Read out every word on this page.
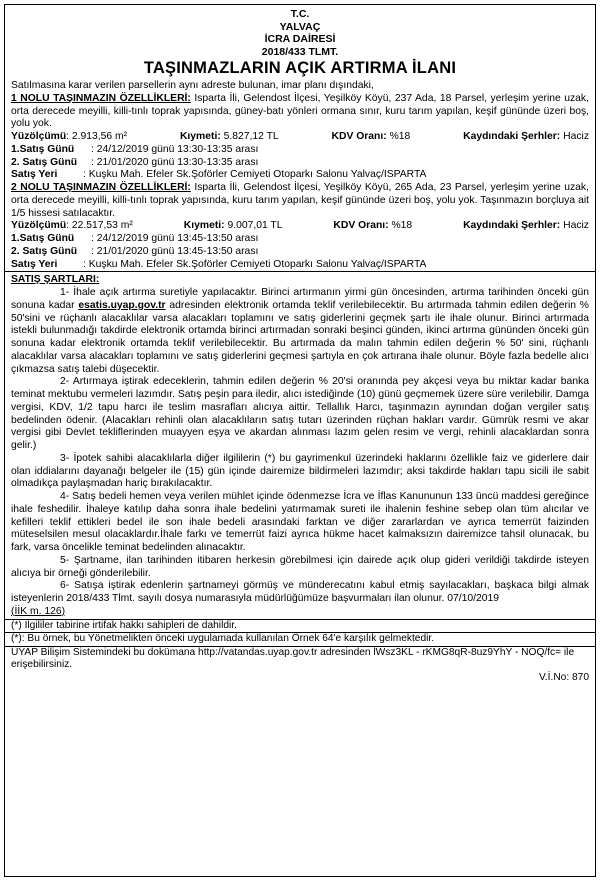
T.C.
YALVAÇ
İCRA DAİRESİ
2018/433 TLMT.
TAŞINMAZLARIN AÇIK ARTIRMA İLANI
Satılmasına karar verilen parsellerin aynı adreste bulunan, imar planı dışındaki,
1 NOLU TAŞINMAZIN ÖZELLİKLERİ: Isparta İli, Gelendost İlçesi, Yeşilköy Köyü, 237 Ada, 18 Parsel, yerleşim yerine uzak, orta derecede meyilli, killi-tınlı toprak yapısında, güney-batı yönleri ormana sınır, kuru tarım yapılan, keşif gününde üzeri boş, yolu yok.
Yüzölçümü: 2.913,56 m²	Kıymeti: 5.827,12 TL	KDV Oranı: %18	Kaydındaki Şerhler: Haciz
1.Satış Günü : 24/12/2019 günü 13:30-13:35 arası
2. Satış Günü : 21/01/2020 günü 13:30-13:35 arası
Satış Yeri : Kuşku Mah. Efeler Sk.Şoförler Cemiyeti Otoparkı Salonu Yalvaç/ISPARTA
2 NOLU TAŞINMAZIN ÖZELLİKLERİ: Isparta İli, Gelendost İlçesi, Yeşilköy Köyü, 265 Ada, 23 Parsel, yerleşim yerine uzak, orta derecede meyilli, killi-tınlı toprak yapısında, kuru tarım yapılan, keşif gününde üzeri boş, yolu yok. Taşınmazın borçluya ait 1/5 hissesi satılacaktır.
Yüzölçümü: 22.517,53 m²	Kıymeti: 9.007,01 TL	KDV Oranı: %18	Kaydındaki Şerhler: Haciz
1.Satış Günü : 24/12/2019 günü 13:45-13:50 arası
2. Satış Günü : 21/01/2020 günü 13:45-13:50 arası
Satış Yeri : Kuşku Mah. Efeler Sk.Şoförler Cemiyeti Otoparkı Salonu Yalvaç/ISPARTA
SATIŞ ŞARTLARI:
1- İhale açık artırma suretiyle yapılacaktır. Birinci artırmanın yirmi gün öncesinden, artırma tarihinden önceki gün sonuna kadar esatis.uyap.gov.tr adresinden elektronik ortamda teklif verilebilecektir. Bu artırmada tahmin edilen değerin % 50'sini ve rüçhanlı alacaklılar varsa alacakları toplamını ve satış giderlerini geçmek şartı ile ihale olunur. Birinci artırmada istekli bulunmadığı takdirde elektronik ortamda birinci artırmadan sonraki beşinci günden, ikinci artırma gününden önceki gün sonuna kadar elektronik ortamda teklif verilebilecektir. Bu artırmada da malın tahmin edilen değerin % 50' sini, rüçhanlı alacaklılar varsa alacakları toplamını ve satış giderlerini geçmesi şartıyla en çok artırana ihale olunur. Böyle fazla bedelle alıcı çıkmazsa satış talebi düşecektir.
2- Artırmaya iştirak edeceklerin, tahmin edilen değerin % 20'si oranında pey akçesi veya bu miktar kadar banka teminat mektubu vermeleri lazımdır. Satış peşin para iledir, alıcı istediğinde (10) günü geçmemek üzere süre verilebilir. Damga vergisi, KDV, 1/2 tapu harcı ile teslim masrafları alıcıya aittir. Tellallık Harcı, taşınmazın aynından doğan vergiler satış bedelinden ödenir. (Alacakları rehinli olan alacaklıların satış tutarı üzerinden rüçhan hakları vardır. Gümrük resmi ve akar vergisi gibi Devlet tekliflerinden muayyen eşya ve akardan alınması lazım gelen resim ve vergi, rehinli alacaklardan sonra gelir.)
3- İpotek sahibi alacaklılarla diğer ilgililerin (*) bu gayrimenkul üzerindeki haklarını özellikle faiz ve giderlere dair olan iddialarını dayanağı belgeler ile (15) gün içinde dairemize bildirmeleri lazımdır; aksi takdirde hakları tapu sicili ile sabit olmadıkça paylaşmadan hariç bırakılacaktır.
4- Satış bedeli hemen veya verilen mühlet içinde ödenmezse İcra ve İflas Kanununun 133 üncü maddesi gereğince ihale feshedilir. İhaleye katılıp daha sonra ihale bedelini yatırmamak sureti ile ihalenin feshine sebep olan tüm alıcılar ve kefilleri teklif ettikleri bedel ile son ihale bedeli arasındaki farktan ve diğer zararlardan ve ayrıca temerrüt faizinden müteselsilen mesul olacaklardır.İhale farkı ve temerrüt faizi ayrıca hükme hacet kalmaksızın dairemizce tahsil olunacak, bu fark, varsa öncelikle teminat bedelinden alınacaktır.
5- Şartname, ilan tarihinden itibaren herkesin görebilmesi için dairede açık olup gideri verildiği takdirde isteyen alıcıya bir örneği gönderilebilir.
6- Satışa iştirak edenlerin şartnameyi görmüş ve münderecatını kabul etmiş sayılacakları, başkaca bilgi almak isteyenlerin 2018/433 Tlmt. sayılı dosya numarasıyla müdürlüğümüze başvurmaları ilan olunur. 07/10/2019
(İİK m. 126)
(*) İlgililer tabirine irtifak hakkı sahipleri de dahildir.
(*): Bu örnek, bu Yönetmelikten önceki uygulamada kullanılan Örnek 64'e karşılık gelmektedir.
UYAP Bilişim Sistemindeki bu dokümana http://vatandas.uyap.gov.tr adresinden lWsz3KL - rKMG8qR-8uz9YhY - NOQ/fc= ile erişebilirsiniz.
V.İ.No: 870
